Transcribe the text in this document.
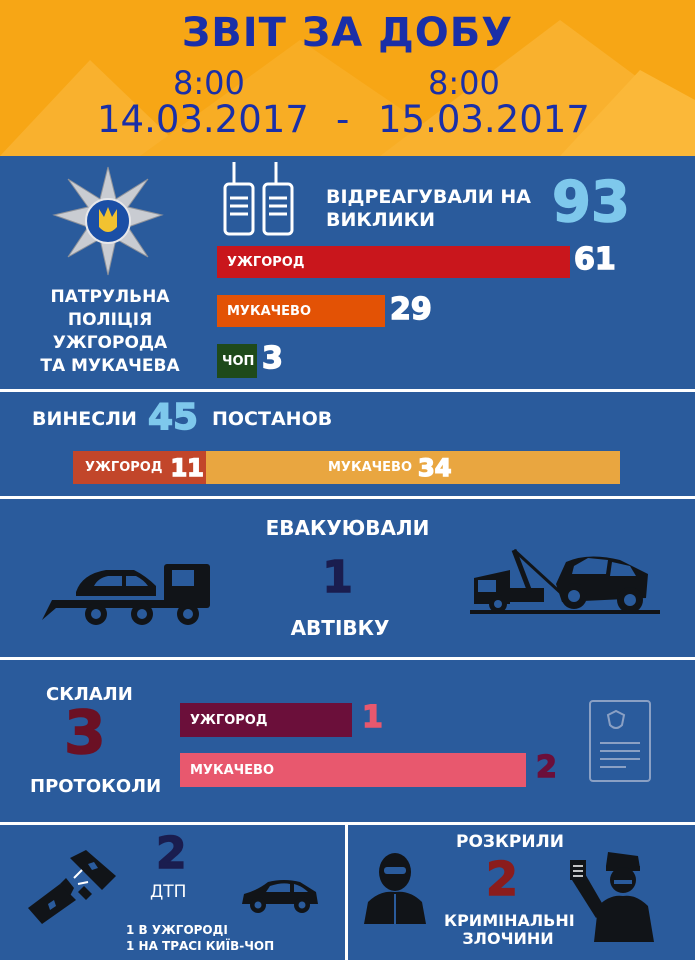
ЗВІТ ЗА ДОБУ
8:00
14.03.2017 -
8:00
15.03.2017
ПАТРУЛЬНА
ПОЛІЦІЯ
УЖГОРОДА
ТА МУКАЧЕВА
ВІДРЕАГУВАЛИ НА
ВИКЛИКИ	93
УЖГОРОД	61
МУКАЧЕВО	29
ЧОП 3
ВИНЕСЛИ 45 ПОСТАНОВ
УЖГОРОД 11	МУКАЧЕВО 34
ЕВАКУЮВАЛИ
1
АВТІВКУ
СКЛАЛИ
3
ПРОТОКОЛИ
УЖГОРОД	1
МУКАЧЕВО	2
2
ДТП
1 В УЖГОРОДІ
1 НА ТРАСІ КИЇВ-ЧОП
РОЗКРИЛИ
2
КРИМІНАЛЬНІ
ЗЛОЧИНИ
